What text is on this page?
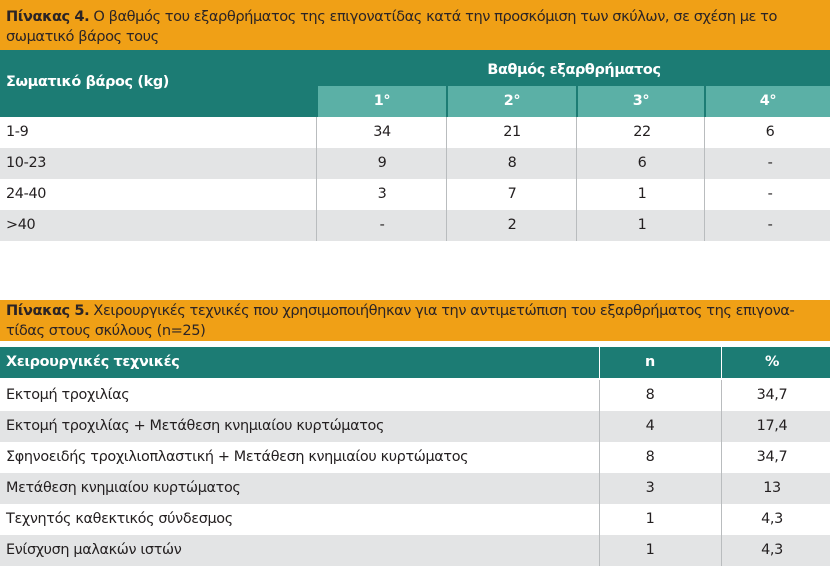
Πίνακας 4. Ο βαθμός του εξαρθρήματος της επιγονατίδας κατά την προσκόμιση των σκύλων, σε σχέση με το σωματικό βάρος τους
Σωματικό βάρος (kg)
Βαθμός εξαρθρήματος
1°	2°	3°	4°
1-9	34	21	22	6
10-23	9	8	6	-
24-40	3	7	1	-
>40	-	2	1	-
Πίνακας 5. Χειρουργικές τεχνικές που χρησιμοποιήθηκαν για την αντιμετώπιση του εξαρθρήματος της επιγονα-τίδας στους σκύλους (n=25)
Χειρουργικές τεχνικές	n	%
Εκτομή τροχιλίας	8	34,7
Εκτομή τροχιλίας + Μετάθεση κνημιαίου κυρτώματος	4	17,4
Σφηνοειδής τροχιλιοπλαστική + Μετάθεση κνημιαίου κυρτώματος	8	34,7
Μετάθεση κνημιαίου κυρτώματος	3	13
Τεχνητός καθεκτικός σύνδεσμος	1	4,3
Ενίσχυση μαλακών ιστών	1	4,3
